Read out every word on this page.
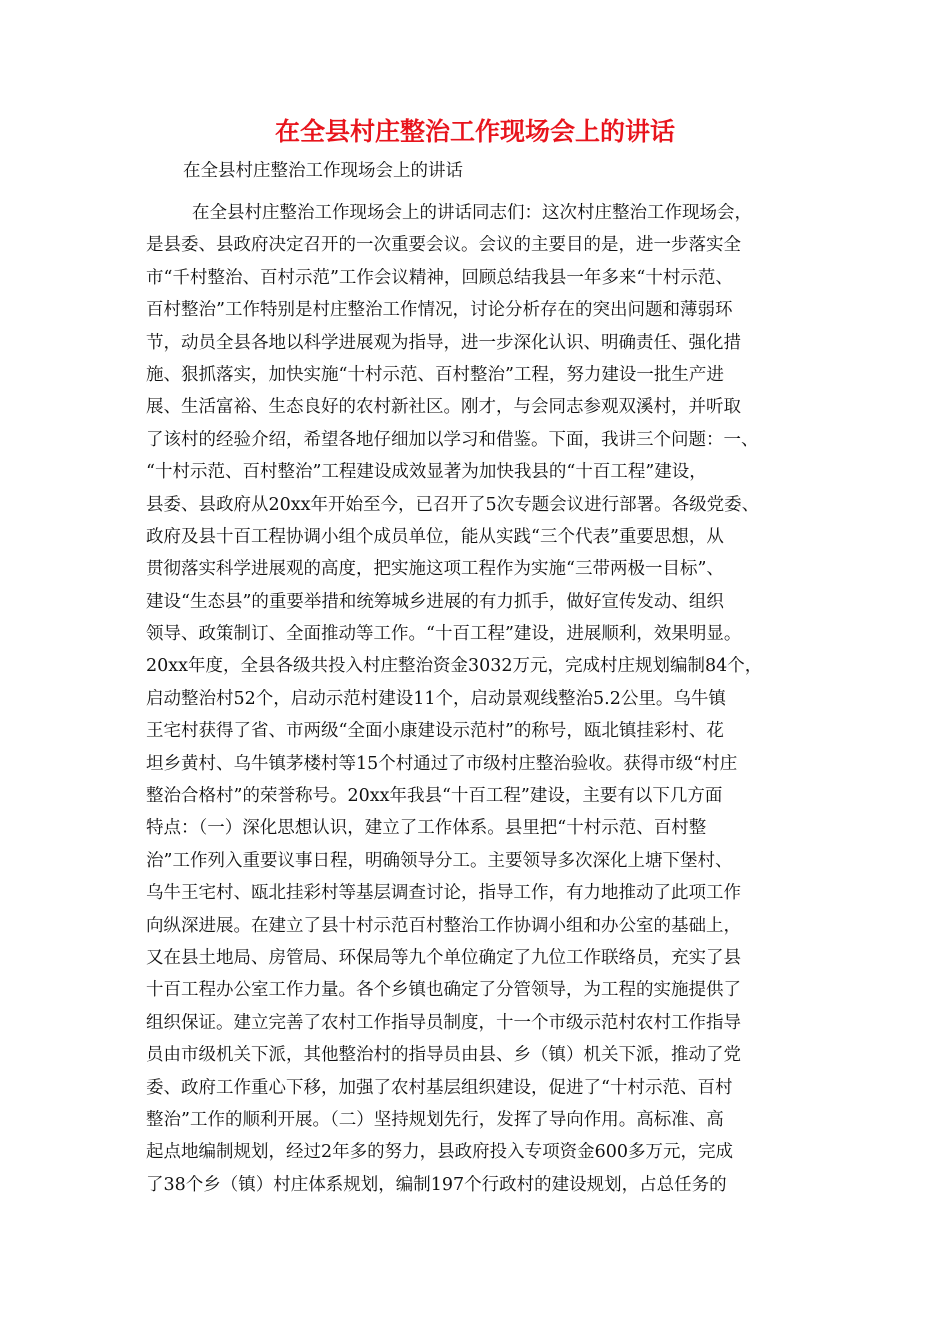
在全县村庄整治工作现场会上的讲话

在全县村庄整治工作现场会上的讲话

在全县村庄整治工作现场会上的讲话同志们：这次村庄整治工作现场会，
是县委、县政府决定召开的一次重要会议。会议的主要目的是，进一步落实全
市“千村整治、百村示范”工作会议精神，回顾总结我县一年多来“十村示范、
百村整治”工作特别是村庄整治工作情况，讨论分析存在的突出问题和薄弱环
节，动员全县各地以科学进展观为指导，进一步深化认识、明确责任、强化措
施、狠抓落实，加快实施“十村示范、百村整治”工程，努力建设一批生产进
展、生活富裕、生态良好的农村新社区。刚才，与会同志参观双溪村，并听取
了该村的经验介绍，希望各地仔细加以学习和借鉴。下面，我讲三个问题：一、
“十村示范、百村整治”工程建设成效显著为加快我县的“十百工程”建设，
县委、县政府从20xx年开始至今，已召开了5次专题会议进行部署。各级党委、
政府及县十百工程协调小组个成员单位，能从实践“三个代表”重要思想，从
贯彻落实科学进展观的高度，把实施这项工程作为实施“三带两极一目标”、
建设“生态县”的重要举措和统筹城乡进展的有力抓手，做好宣传发动、组织
领导、政策制订、全面推动等工作。“十百工程”建设，进展顺利，效果明显。
20xx年度，全县各级共投入村庄整治资金3032万元，完成村庄规划编制84个，
启动整治村52个，启动示范村建设11个，启动景观线整治5.2公里。乌牛镇
王宅村获得了省、市两级“全面小康建设示范村”的称号，瓯北镇挂彩村、花
坦乡黄村、乌牛镇茅楼村等15个村通过了市级村庄整治验收。获得市级“村庄
整治合格村”的荣誉称号。20xx年我县“十百工程”建设，主要有以下几方面
特点：（一）深化思想认识，建立了工作体系。县里把“十村示范、百村整
治”工作列入重要议事日程，明确领导分工。主要领导多次深化上塘下堡村、
乌牛王宅村、瓯北挂彩村等基层调查讨论，指导工作，有力地推动了此项工作
向纵深进展。在建立了县十村示范百村整治工作协调小组和办公室的基础上，
又在县土地局、房管局、环保局等九个单位确定了九位工作联络员，充实了县
十百工程办公室工作力量。各个乡镇也确定了分管领导，为工程的实施提供了
组织保证。建立完善了农村工作指导员制度，十一个市级示范村农村工作指导
员由市级机关下派，其他整治村的指导员由县、乡（镇）机关下派，推动了党
委、政府工作重心下移，加强了农村基层组织建设，促进了“十村示范、百村
整治”工作的顺利开展。（二）坚持规划先行，发挥了导向作用。高标准、高
起点地编制规划，经过2年多的努力，县政府投入专项资金600多万元，完成
了38个乡（镇）村庄体系规划，编制197个行政村的建设规划，占总任务的
